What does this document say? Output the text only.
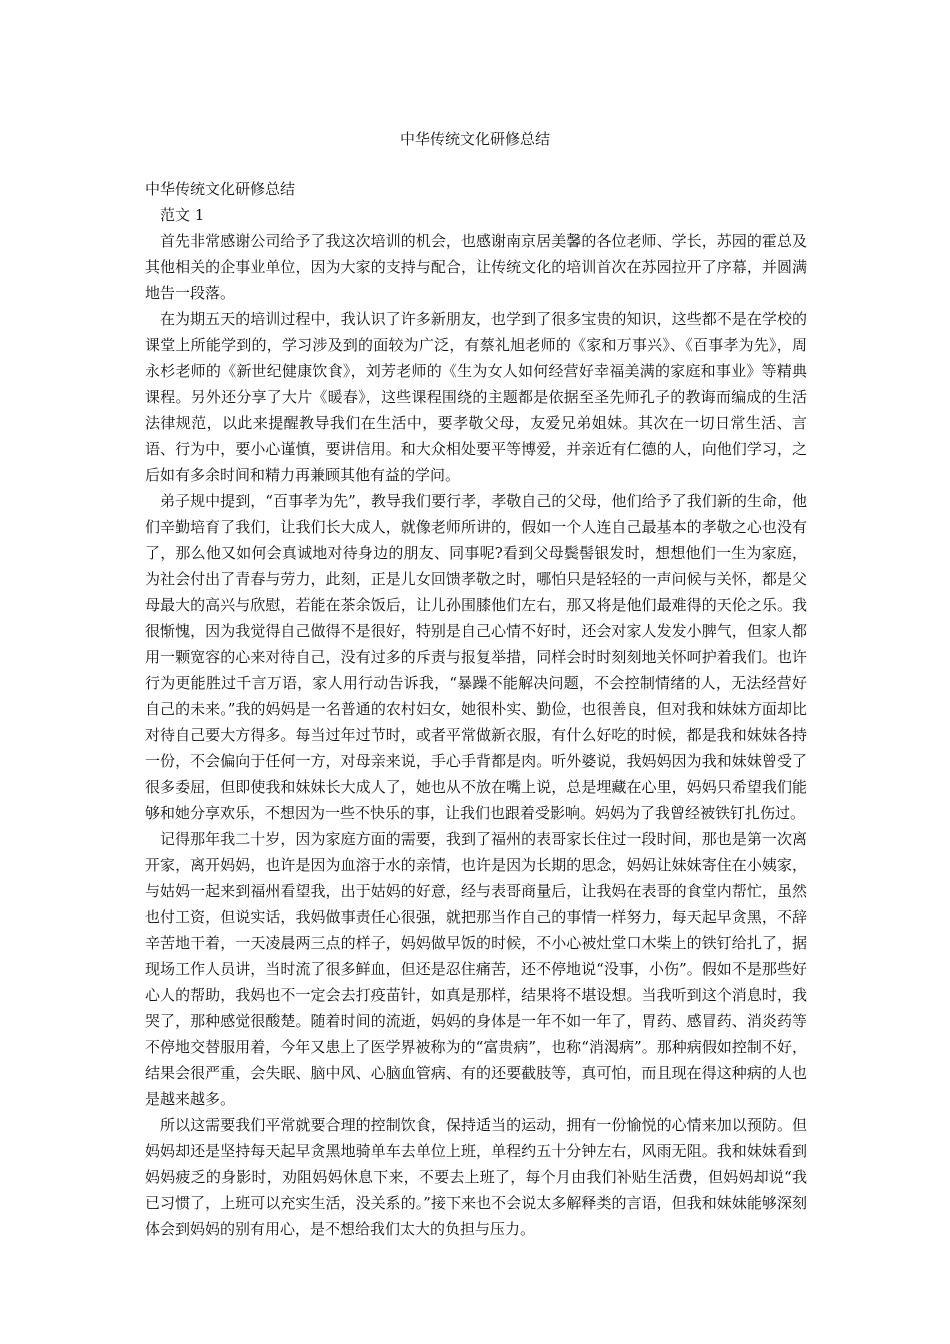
中华传统文化研修总结

中华传统文化研修总结

范文 1

首先非常感谢公司给予了我这次培训的机会，也感谢南京居美馨的各位老师、学长，苏园的霍总及其他相关的企事业单位，因为大家的支持与配合，让传统文化的培训首次在苏园拉开了序幕，并圆满地告一段落。

在为期五天的培训过程中，我认识了许多新朋友，也学到了很多宝贵的知识，这些都不是在学校的课堂上所能学到的，学习涉及到的面较为广泛，有蔡礼旭老师的《家和万事兴》、《百事孝为先》，周永杉老师的《新世纪健康饮食》，刘芳老师的《生为女人如何经营好幸福美满的家庭和事业》等精典课程。另外还分享了大片《暖春》，这些课程围绕的主题都是依据至圣先师孔子的教诲而编成的生活法律规范，以此来提醒教导我们在生活中，要孝敬父母，友爱兄弟姐妹。其次在一切日常生活、言语、行为中，要小心谨慎，要讲信用。和大众相处要平等博爱，并亲近有仁德的人，向他们学习，之后如有多余时间和精力再兼顾其他有益的学问。

弟子规中提到，“百事孝为先”，教导我们要行孝，孝敬自己的父母，他们给予了我们新的生命，他们辛勤培育了我们，让我们长大成人，就像老师所讲的，假如一个人连自己最基本的孝敬之心也没有了，那么他又如何会真诚地对待身边的朋友、同事呢?看到父母鬓髻银发时，想想他们一生为家庭，为社会付出了青春与劳力，此刻，正是儿女回馈孝敬之时，哪怕只是轻轻的一声问候与关怀，都是父母最大的高兴与欣慰，若能在茶余饭后，让儿孙围膝他们左右，那又将是他们最难得的天伦之乐。我很惭愧，因为我觉得自己做得不是很好，特别是自己心情不好时，还会对家人发发小脾气，但家人都用一颗宽容的心来对待自己，没有过多的斥责与报复举措，同样会时时刻刻地关怀呵护着我们。也许行为更能胜过千言万语，家人用行动告诉我，“暴躁不能解决问题，不会控制情绪的人，无法经营好自己的未来。”我的妈妈是一名普通的农村妇女，她很朴实、勤俭，也很善良，但对我和妹妹方面却比对待自己要大方得多。每当过年过节时，或者平常做新衣服，有什么好吃的时候，都是我和妹妹各持一份，不会偏向于任何一方，对母亲来说，手心手背都是肉。听外婆说，我妈妈因为我和妹妹曾受了很多委屈，但即使我和妹妹长大成人了，她也从不放在嘴上说，总是埋藏在心里，妈妈只希望我们能够和她分享欢乐，不想因为一些不快乐的事，让我们也跟着受影响。妈妈为了我曾经被铁钉扎伤过。

记得那年我二十岁，因为家庭方面的需要，我到了福州的表哥家长住过一段时间，那也是第一次离开家，离开妈妈，也许是因为血溶于水的亲情，也许是因为长期的思念，妈妈让妹妹寄住在小姨家，与姑妈一起来到福州看望我，出于姑妈的好意，经与表哥商量后，让我妈在表哥的食堂内帮忙，虽然也付工资，但说实话，我妈做事责任心很强，就把那当作自己的事情一样努力，每天起早贪黑，不辞辛苦地干着，一天凌晨两三点的样子，妈妈做早饭的时候，不小心被灶堂口木柴上的铁钉给扎了，据现场工作人员讲，当时流了很多鲜血，但还是忍住痛苦，还不停地说“没事，小伤”。假如不是那些好心人的帮助，我妈也不一定会去打疫苗针，如真是那样，结果将不堪设想。当我听到这个消息时，我哭了，那种感觉很酸楚。随着时间的流逝，妈妈的身体是一年不如一年了，胃药、感冒药、消炎药等不停地交替服用着，今年又患上了医学界被称为的“富贵病”，也称“消渴病”。那种病假如控制不好，结果会很严重，会失眠、脑中风、心脑血管病、有的还要截肢等，真可怕，而且现在得这种病的人也是越来越多。

所以这需要我们平常就要合理的控制饮食，保持适当的运动，拥有一份愉悦的心情来加以预防。但妈妈却还是坚持每天起早贪黑地骑单车去单位上班，单程约五十分钟左右，风雨无阻。我和妹妹看到妈妈疲乏的身影时，劝阻妈妈休息下来，不要去上班了，每个月由我们补贴生活费，但妈妈却说“我已习惯了，上班可以充实生活，没关系的。”接下来也不会说太多解释类的言语，但我和妹妹能够深刻体会到妈妈的别有用心，是不想给我们太大的负担与压力。
